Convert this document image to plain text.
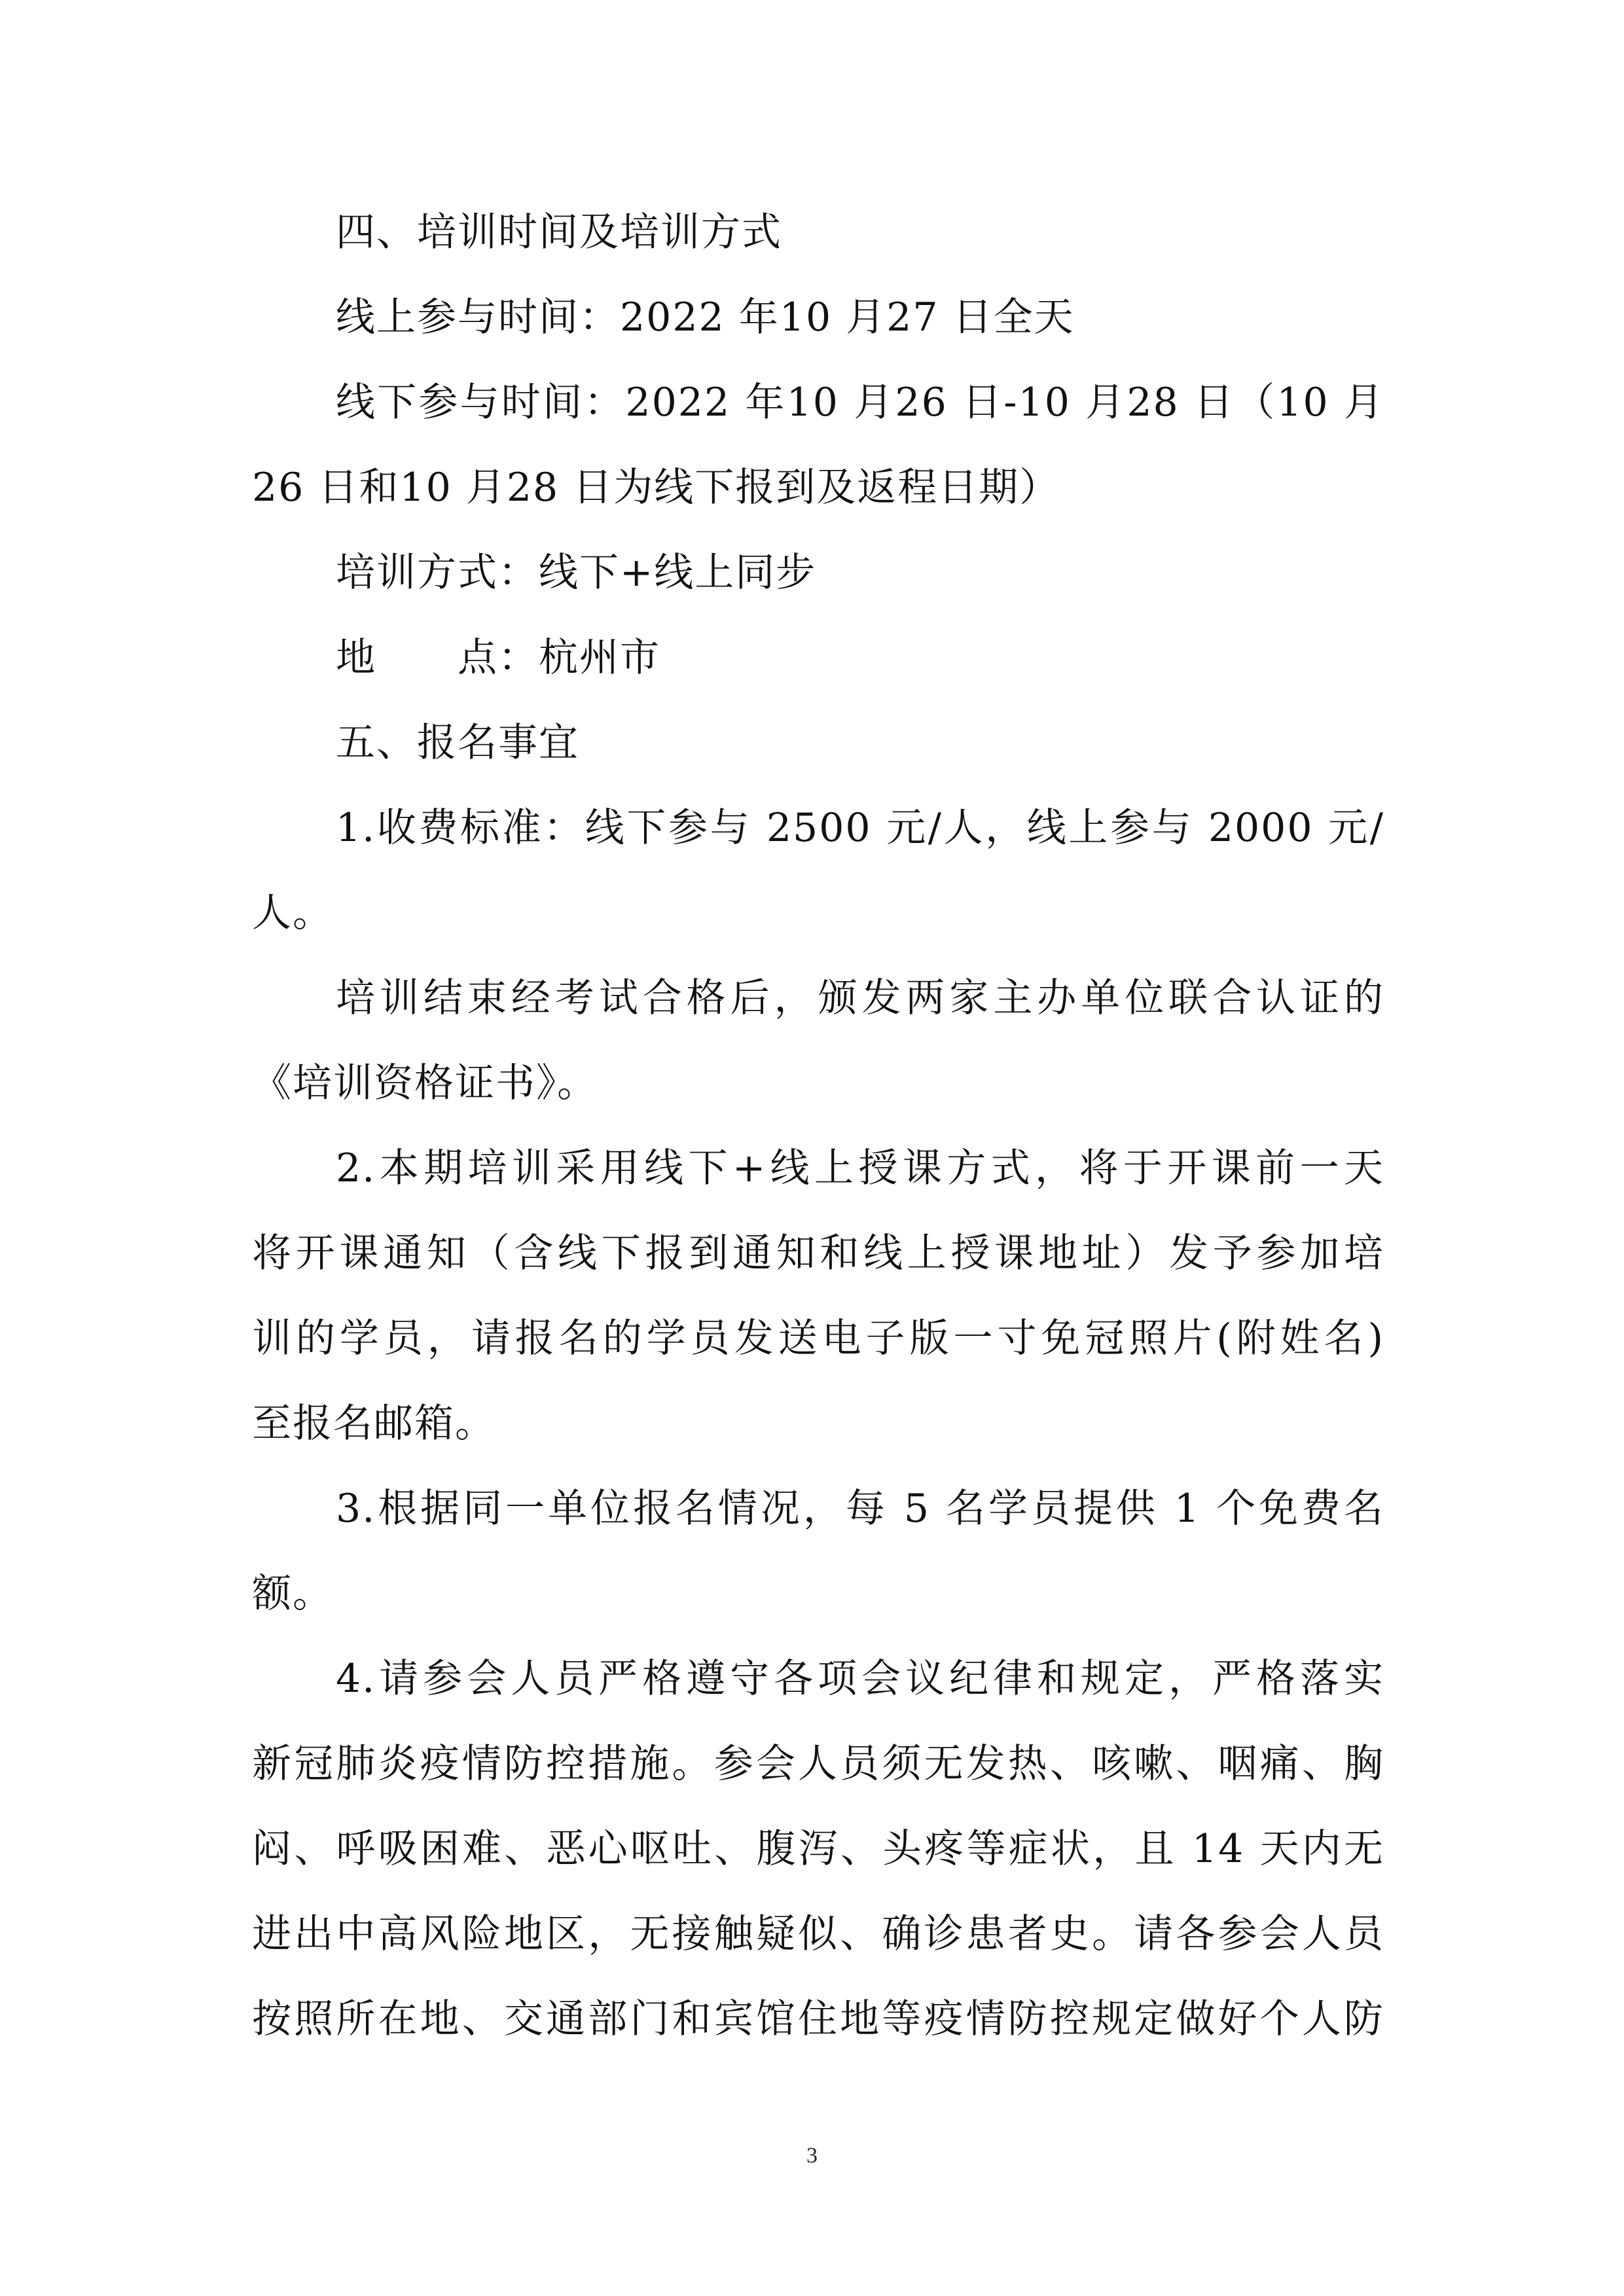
四、培训时间及培训方式
线上参与时间：2022 年10 月27 日全天
线下参与时间：2022 年10 月26 日-10 月28 日（10 月
26 日和10 月28 日为线下报到及返程日期）
培训方式：线下+线上同步
地　　点：杭州市
五、报名事宜
1.收费标准：线下参与 2500 元/人，线上参与 2000 元/
人。
培训结束经考试合格后，颁发两家主办单位联合认证的
《培训资格证书》。
2.本期培训采用线下+线上授课方式，将于开课前一天
将开课通知（含线下报到通知和线上授课地址）发予参加培
训的学员，请报名的学员发送电子版一寸免冠照片(附姓名)
至报名邮箱。
3.根据同一单位报名情况，每 5 名学员提供 1 个免费名
额。
4.请参会人员严格遵守各项会议纪律和规定，严格落实
新冠肺炎疫情防控措施。参会人员须无发热、咳嗽、咽痛、胸
闷、呼吸困难、恶心呕吐、腹泻、头疼等症状，且 14 天内无
进出中高风险地区，无接触疑似、确诊患者史。请各参会人员
按照所在地、交通部门和宾馆住地等疫情防控规定做好个人防
3
